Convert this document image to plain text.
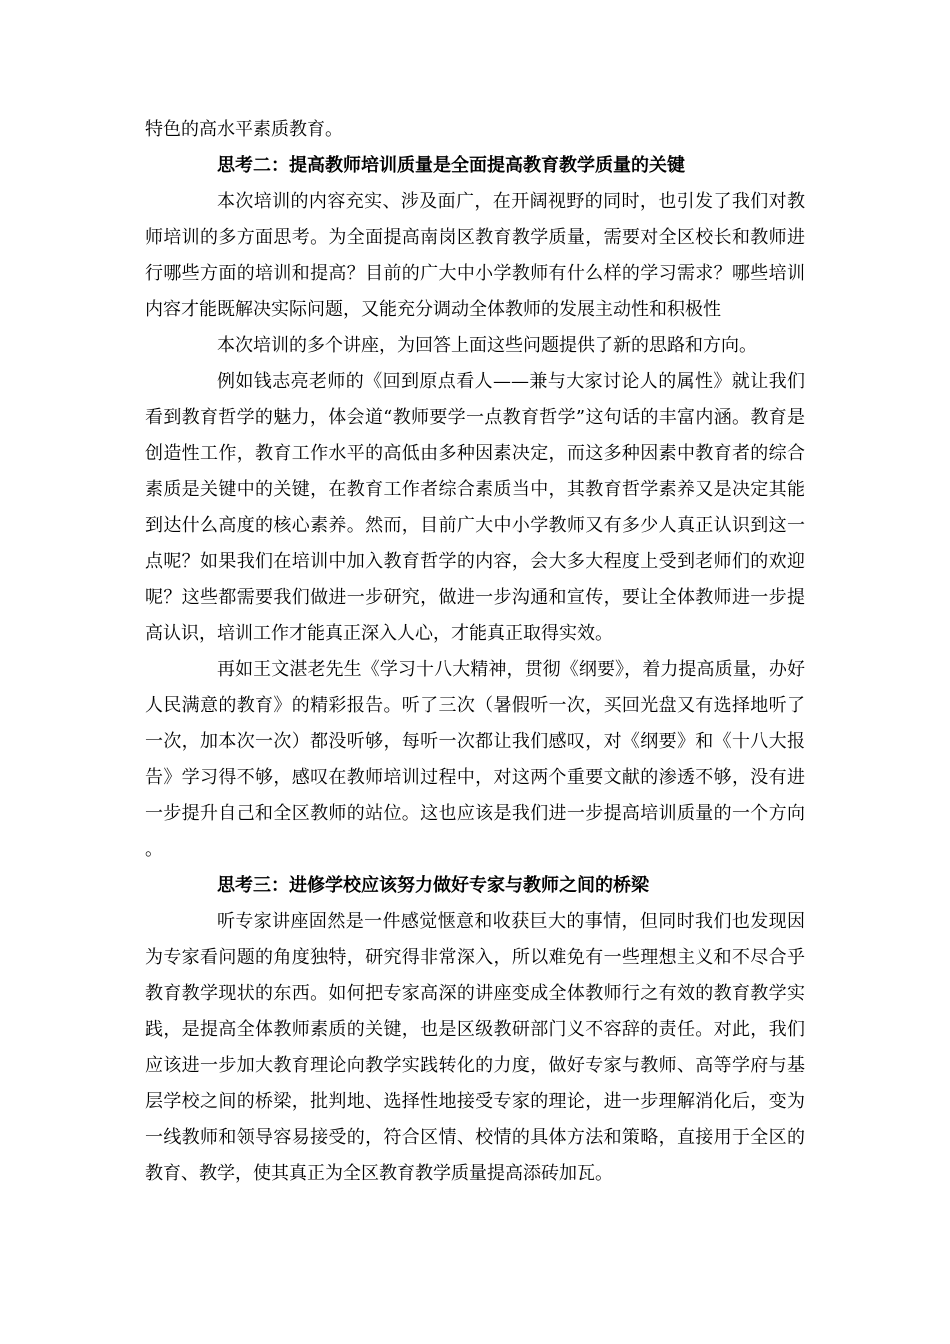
特色的高水平素质教育。

思考二：提高教师培训质量是全面提高教育教学质量的关键

本次培训的内容充实、涉及面广，在开阔视野的同时，也引发了我们对教师培训的多方面思考。为全面提高南岗区教育教学质量，需要对全区校长和教师进行哪些方面的培训和提高？目前的广大中小学教师有什么样的学习需求？哪些培训内容才能既解决实际问题，又能充分调动全体教师的发展主动性和积极性

本次培训的多个讲座，为回答上面这些问题提供了新的思路和方向。

例如钱志亮老师的《回到原点看人——兼与大家讨论人的属性》就让我们看到教育哲学的魅力，体会道“教师要学一点教育哲学”这句话的丰富内涵。教育是创造性工作，教育工作水平的高低由多种因素决定，而这多种因素中教育者的综合素质是关键中的关键，在教育工作者综合素质当中，其教育哲学素养又是决定其能到达什么高度的核心素养。然而，目前广大中小学教师又有多少人真正认识到这一点呢？如果我们在培训中加入教育哲学的内容，会大多大程度上受到老师们的欢迎呢？这些都需要我们做进一步研究，做进一步沟通和宣传，要让全体教师进一步提高认识，培训工作才能真正深入人心，才能真正取得实效。

再如王文湛老先生《学习十八大精神，贯彻《纲要》，着力提高质量，办好人民满意的教育》的精彩报告。听了三次（暑假听一次，买回光盘又有选择地听了一次，加本次一次）都没听够，每听一次都让我们感叹，对《纲要》和《十八大报告》学习得不够，感叹在教师培训过程中，对这两个重要文献的渗透不够，没有进一步提升自己和全区教师的站位。这也应该是我们进一步提高培训质量的一个方向。

思考三：进修学校应该努力做好专家与教师之间的桥梁

听专家讲座固然是一件感觉惬意和收获巨大的事情，但同时我们也发现因为专家看问题的角度独特，研究得非常深入，所以难免有一些理想主义和不尽合乎教育教学现状的东西。如何把专家高深的讲座变成全体教师行之有效的教育教学实践，是提高全体教师素质的关键，也是区级教研部门义不容辞的责任。对此，我们应该进一步加大教育理论向教学实践转化的力度，做好专家与教师、高等学府与基层学校之间的桥梁，批判地、选择性地接受专家的理论，进一步理解消化后，变为一线教师和领导容易接受的，符合区情、校情的具体方法和策略，直接用于全区的教育、教学，使其真正为全区教育教学质量提高添砖加瓦。
